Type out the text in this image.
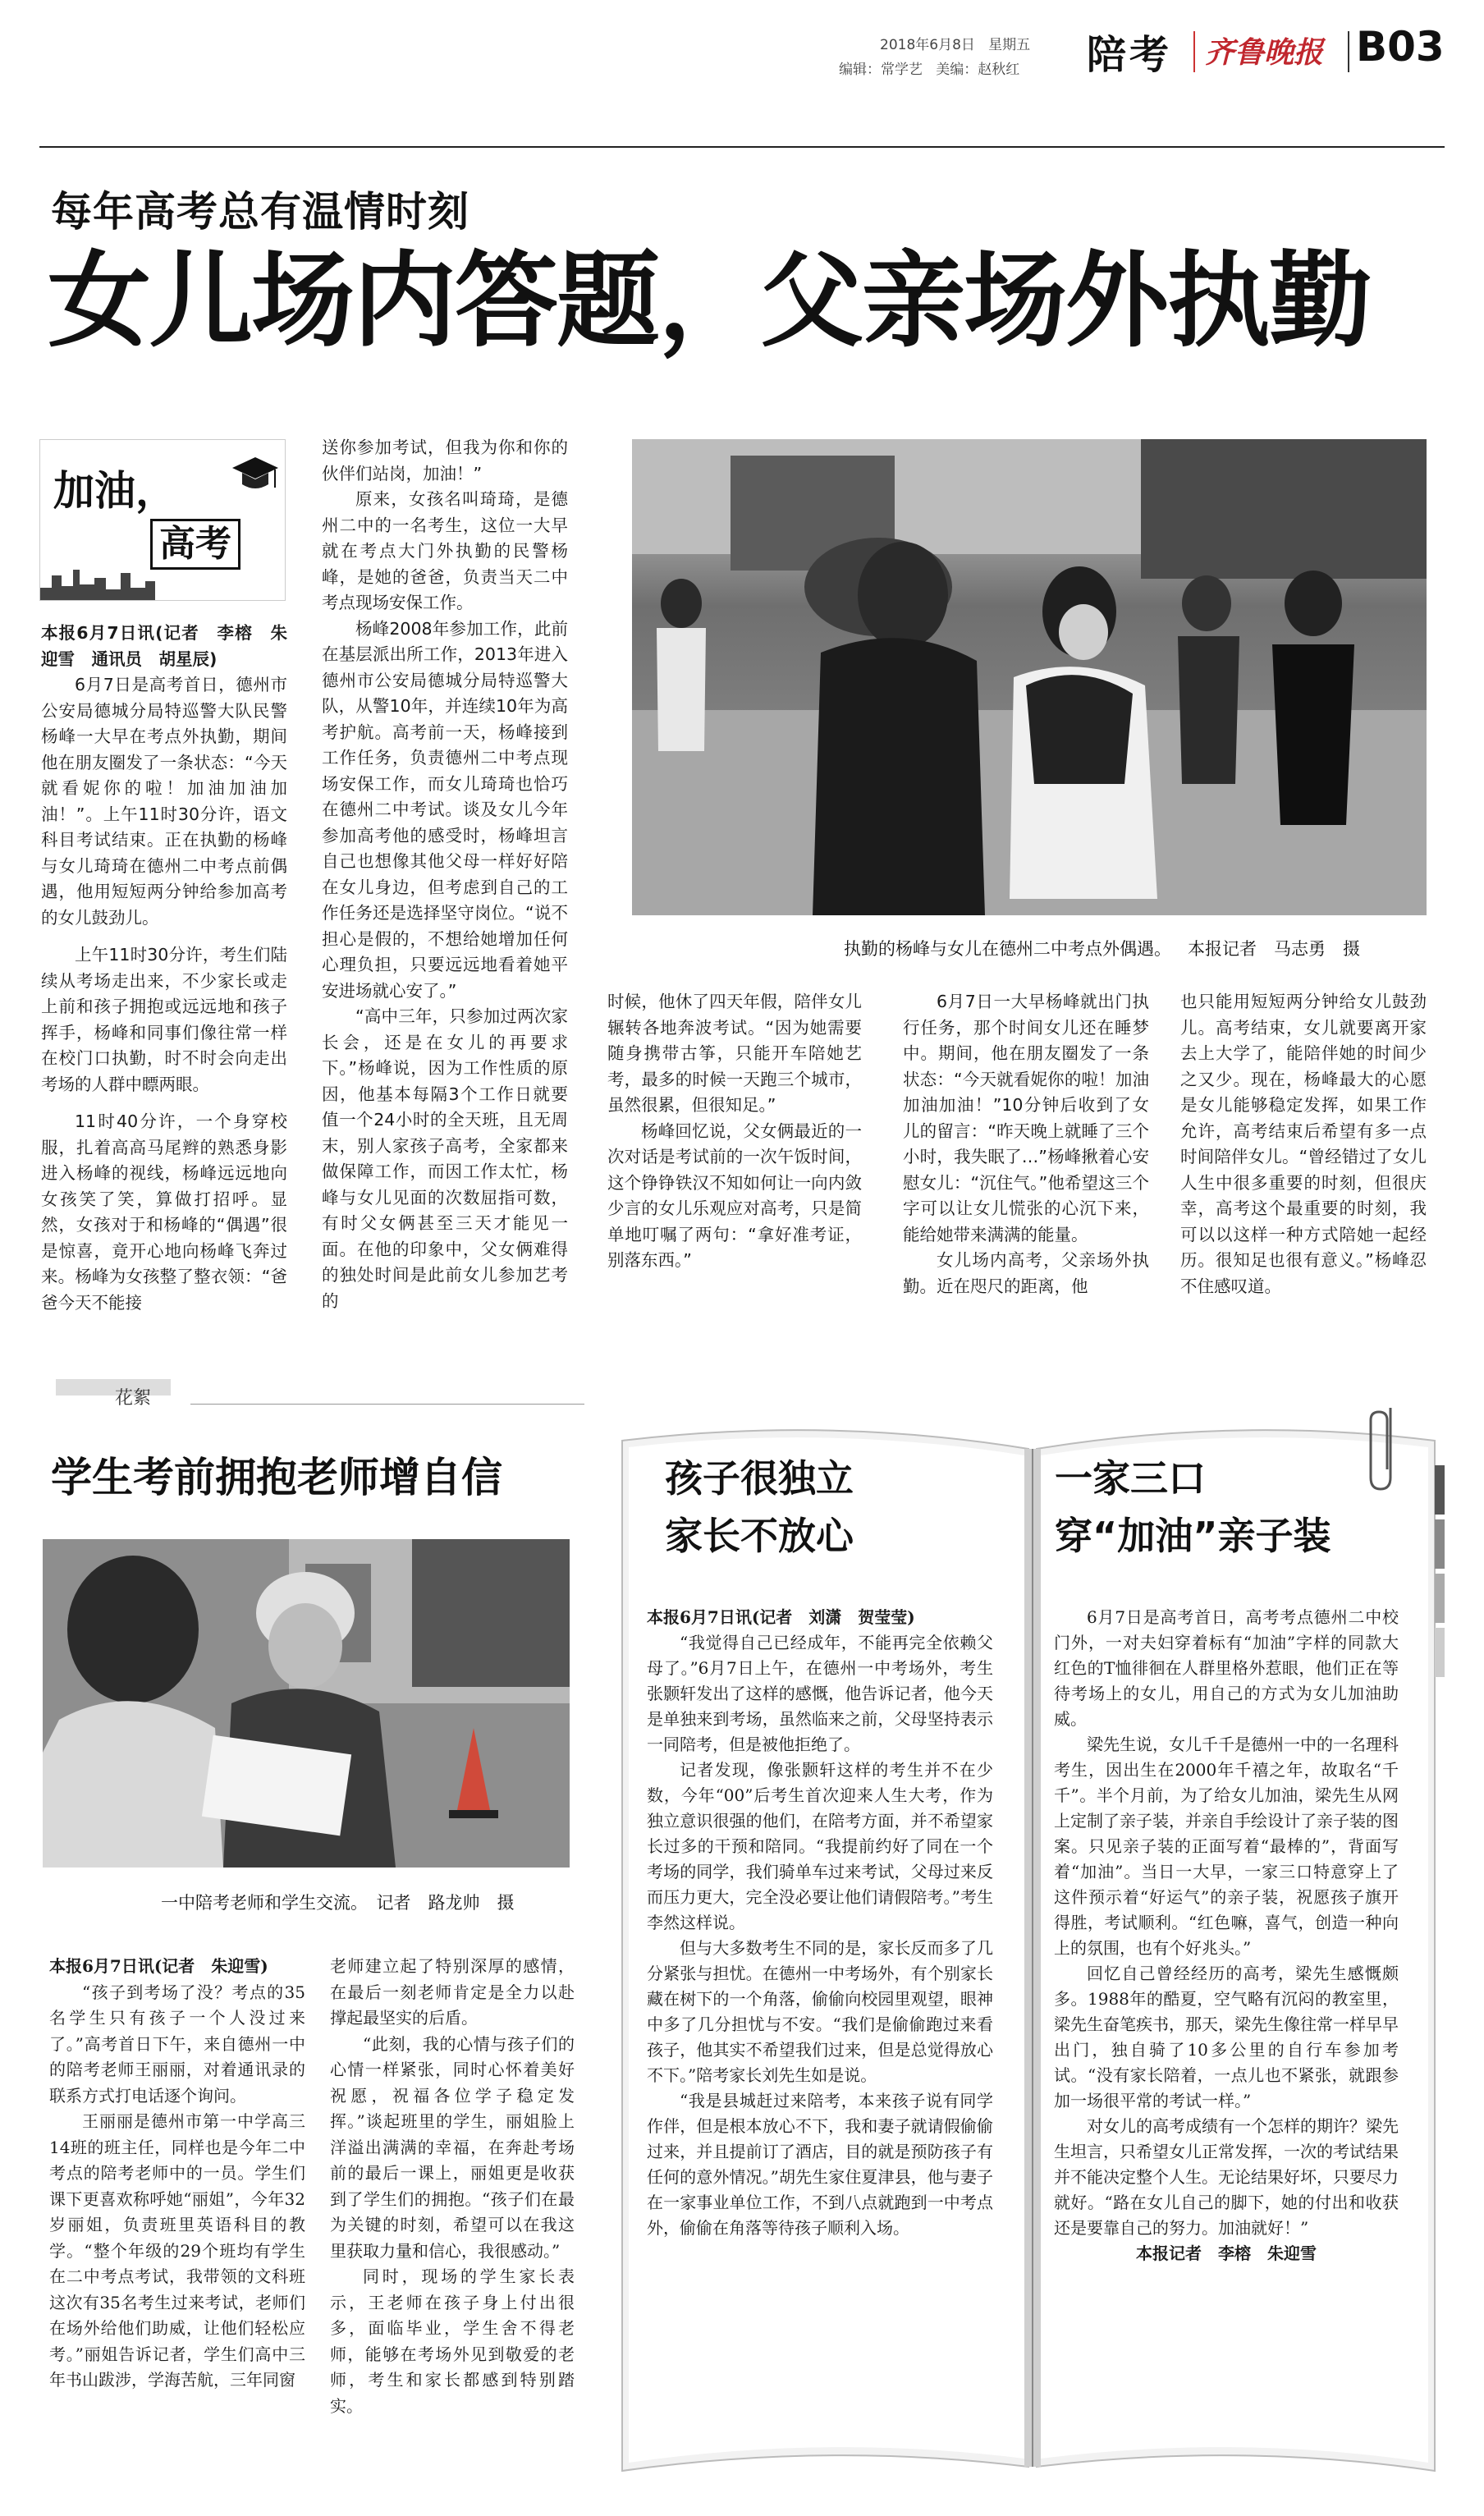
2018年6月8日 星期五
编辑：常学艺 美编：赵秋红 陪考 齐鲁晚报 B03
每年高考总有温情时刻
女儿场内答题，父亲场外执勤
加油，
高考
执勤的杨峰与女儿在德州二中考点外偶遇。 本报记者　马志勇　摄

本报6月7日讯(记者　李榕　朱迎雪　通讯员　胡星辰)

6月7日是高考首日，德州市公安局德城分局特巡警大队民警杨峰一大早在考点外执勤，期间他在朋友圈发了一条状态：“今天就看妮你的啦！加油加油加油！”。上午11时30分许，语文科目考试结束。正在执勤的杨峰与女儿琦琦在德州二中考点前偶遇，他用短短两分钟给参加高考的女儿鼓劲儿。

上午11时30分许，考生们陆续从考场走出来，不少家长或走上前和孩子拥抱或远远地和孩子挥手，杨峰和同事们像往常一样在校门口执勤，时不时会向走出考场的人群中瞟两眼。

11时40分许，一个身穿校服，扎着高高马尾辫的熟悉身影进入杨峰的视线，杨峰远远地向女孩笑了笑，算做打招呼。显然，女孩对于和杨峰的“偶遇”很是惊喜，竟开心地向杨峰飞奔过来。杨峰为女孩整了整衣领：“爸爸今天不能接

送你参加考试，但我为你和你的伙伴们站岗，加油！”

原来，女孩名叫琦琦，是德州二中的一名考生，这位一大早就在考点大门外执勤的民警杨峰，是她的爸爸，负责当天二中考点现场安保工作。

杨峰2008年参加工作，此前在基层派出所工作，2013年进入德州市公安局德城分局特巡警大队，从警10年，并连续10年为高考护航。高考前一天，杨峰接到工作任务，负责德州二中考点现场安保工作，而女儿琦琦也恰巧在德州二中考试。谈及女儿今年参加高考他的感受时，杨峰坦言自己也想像其他父母一样好好陪在女儿身边，但考虑到自己的工作任务还是选择坚守岗位。“说不担心是假的，不想给她增加任何心理负担，只要远远地看着她平安进场就心安了。”

“高中三年，只参加过两次家长会，还是在女儿的再要求下。”杨峰说，因为工作性质的原因，他基本每隔3个工作日就要值一个24小时的全天班，且无周末，别人家孩子高考，全家都来做保障工作，而因工作太忙，杨峰与女儿见面的次数屈指可数，有时父女俩甚至三天才能见一面。在他的印象中，父女俩难得的独处时间是此前女儿参加艺考的

时候，他休了四天年假，陪伴女儿辗转各地奔波考试。“因为她需要随身携带古筝，只能开车陪她艺考，最多的时候一天跑三个城市，虽然很累，但很知足。”

杨峰回忆说，父女俩最近的一次对话是考试前的一次午饭时间，这个铮铮铁汉不知如何让一向内敛少言的女儿乐观应对高考，只是简单地叮嘱了两句：“拿好准考证，别落东西。”

6月7日一大早杨峰就出门执行任务，那个时间女儿还在睡梦中。期间，他在朋友圈发了一条状态：“今天就看妮你的啦！加油加油加油！”10分钟后收到了女儿的留言：“昨天晚上就睡了三个小时，我失眠了…”杨峰揪着心安慰女儿：“沉住气。”他希望这三个字可以让女儿慌张的心沉下来，能给她带来满满的能量。

女儿场内高考，父亲场外执勤。近在咫尺的距离，他

也只能用短短两分钟给女儿鼓劲儿。高考结束，女儿就要离开家去上大学了，能陪伴她的时间少之又少。现在，杨峰最大的心愿是女儿能够稳定发挥，如果工作允许，高考结束后希望有多一点时间陪伴女儿。“曾经错过了女儿人生中很多重要的时刻，但很庆幸，高考这个最重要的时刻，我可以以这样一种方式陪她一起经历。很知足也很有意义。”杨峰忍不住感叹道。

花絮
学生考前拥抱老师增自信
一中陪考老师和学生交流。　记者　路龙帅　摄

本报6月7日讯(记者　朱迎雪)

“孩子到考场了没？考点的35名学生只有孩子一个人没过来了。”高考首日下午，来自德州一中的陪考老师王丽丽，对着通讯录的联系方式打电话逐个询问。

王丽丽是德州市第一中学高三14班的班主任，同样也是今年二中考点的陪考老师中的一员。学生们课下更喜欢称呼她“丽姐”，今年32岁丽姐，负责班里英语科目的教学。“整个年级的29个班均有学生在二中考点考试，我带领的文科班这次有35名考生过来考试，老师们在场外给他们助威，让他们轻松应考。”丽姐告诉记者，学生们高中三年书山跋涉，学海苦航，三年同窗

老师建立起了特别深厚的感情，在最后一刻老师肯定是全力以赴撑起最坚实的后盾。

“此刻，我的心情与孩子们的心情一样紧张，同时心怀着美好祝愿，祝福各位学子稳定发挥。”谈起班里的学生，丽姐脸上洋溢出满满的幸福，在奔赴考场前的最后一课上，丽姐更是收获到了学生们的拥抱。“孩子们在最为关键的时刻，希望可以在我这里获取力量和信心，我很感动。”

同时，现场的学生家长表示，王老师在孩子身上付出很多，面临毕业，学生舍不得老师，能够在考场外见到敬爱的老师，考生和家长都感到特别踏实。

孩子很独立
家长不放心

本报6月7日讯(记者　刘潇　贺莹莹)

“我觉得自己已经成年，不能再完全依赖父母了。”6月7日上午，在德州一中考场外，考生张颢轩发出了这样的感慨，他告诉记者，他今天是单独来到考场，虽然临来之前，父母坚持表示一同陪考，但是被他拒绝了。

记者发现，像张颢轩这样的考生并不在少数，今年“00”后考生首次迎来人生大考，作为独立意识很强的他们，在陪考方面，并不希望家长过多的干预和陪同。“我提前约好了同在一个考场的同学，我们骑单车过来考试，父母过来反而压力更大，完全没必要让他们请假陪考。”考生李然这样说。

但与大多数考生不同的是，家长反而多了几分紧张与担忧。在德州一中考场外，有个别家长藏在树下的一个角落，偷偷向校园里观望，眼神中多了几分担忧与不安。“我们是偷偷跑过来看孩子，他其实不希望我们过来，但是总觉得放心不下。”陪考家长刘先生如是说。

“我是县城赶过来陪考，本来孩子说有同学作伴，但是根本放心不下，我和妻子就请假偷偷过来，并且提前订了酒店，目的就是预防孩子有任何的意外情况。”胡先生家住夏津县，他与妻子在一家事业单位工作，不到八点就跑到一中考点外，偷偷在角落等待孩子顺利入场。

一家三口
穿“加油”亲子装

6月7日是高考首日，高考考点德州二中校门外，一对夫妇穿着标有“加油”字样的同款大红色的T恤徘徊在人群里格外惹眼，他们正在等待考场上的女儿，用自己的方式为女儿加油助威。

梁先生说，女儿千千是德州一中的一名理科考生，因出生在2000年千禧之年，故取名“千千”。半个月前，为了给女儿加油，梁先生从网上定制了亲子装，并亲自手绘设计了亲子装的图案。只见亲子装的正面写着“最棒的”，背面写着“加油”。当日一大早，一家三口特意穿上了这件预示着“好运气”的亲子装，祝愿孩子旗开得胜，考试顺利。“红色嘛，喜气，创造一种向上的氛围，也有个好兆头。”

回忆自己曾经经历的高考，梁先生感慨颇多。1988年的酷夏，空气略有沉闷的教室里，梁先生奋笔疾书，那天，梁先生像往常一样早早出门，独自骑了10多公里的自行车参加考试。“没有家长陪着，一点儿也不紧张，就跟参加一场很平常的考试一样。”

对女儿的高考成绩有一个怎样的期许？梁先生坦言，只希望女儿正常发挥，一次的考试结果并不能决定整个人生。无论结果好坏，只要尽力就好。“路在女儿自己的脚下，她的付出和收获还是要靠自己的努力。加油就好！”

本报记者　李榕　朱迎雪
